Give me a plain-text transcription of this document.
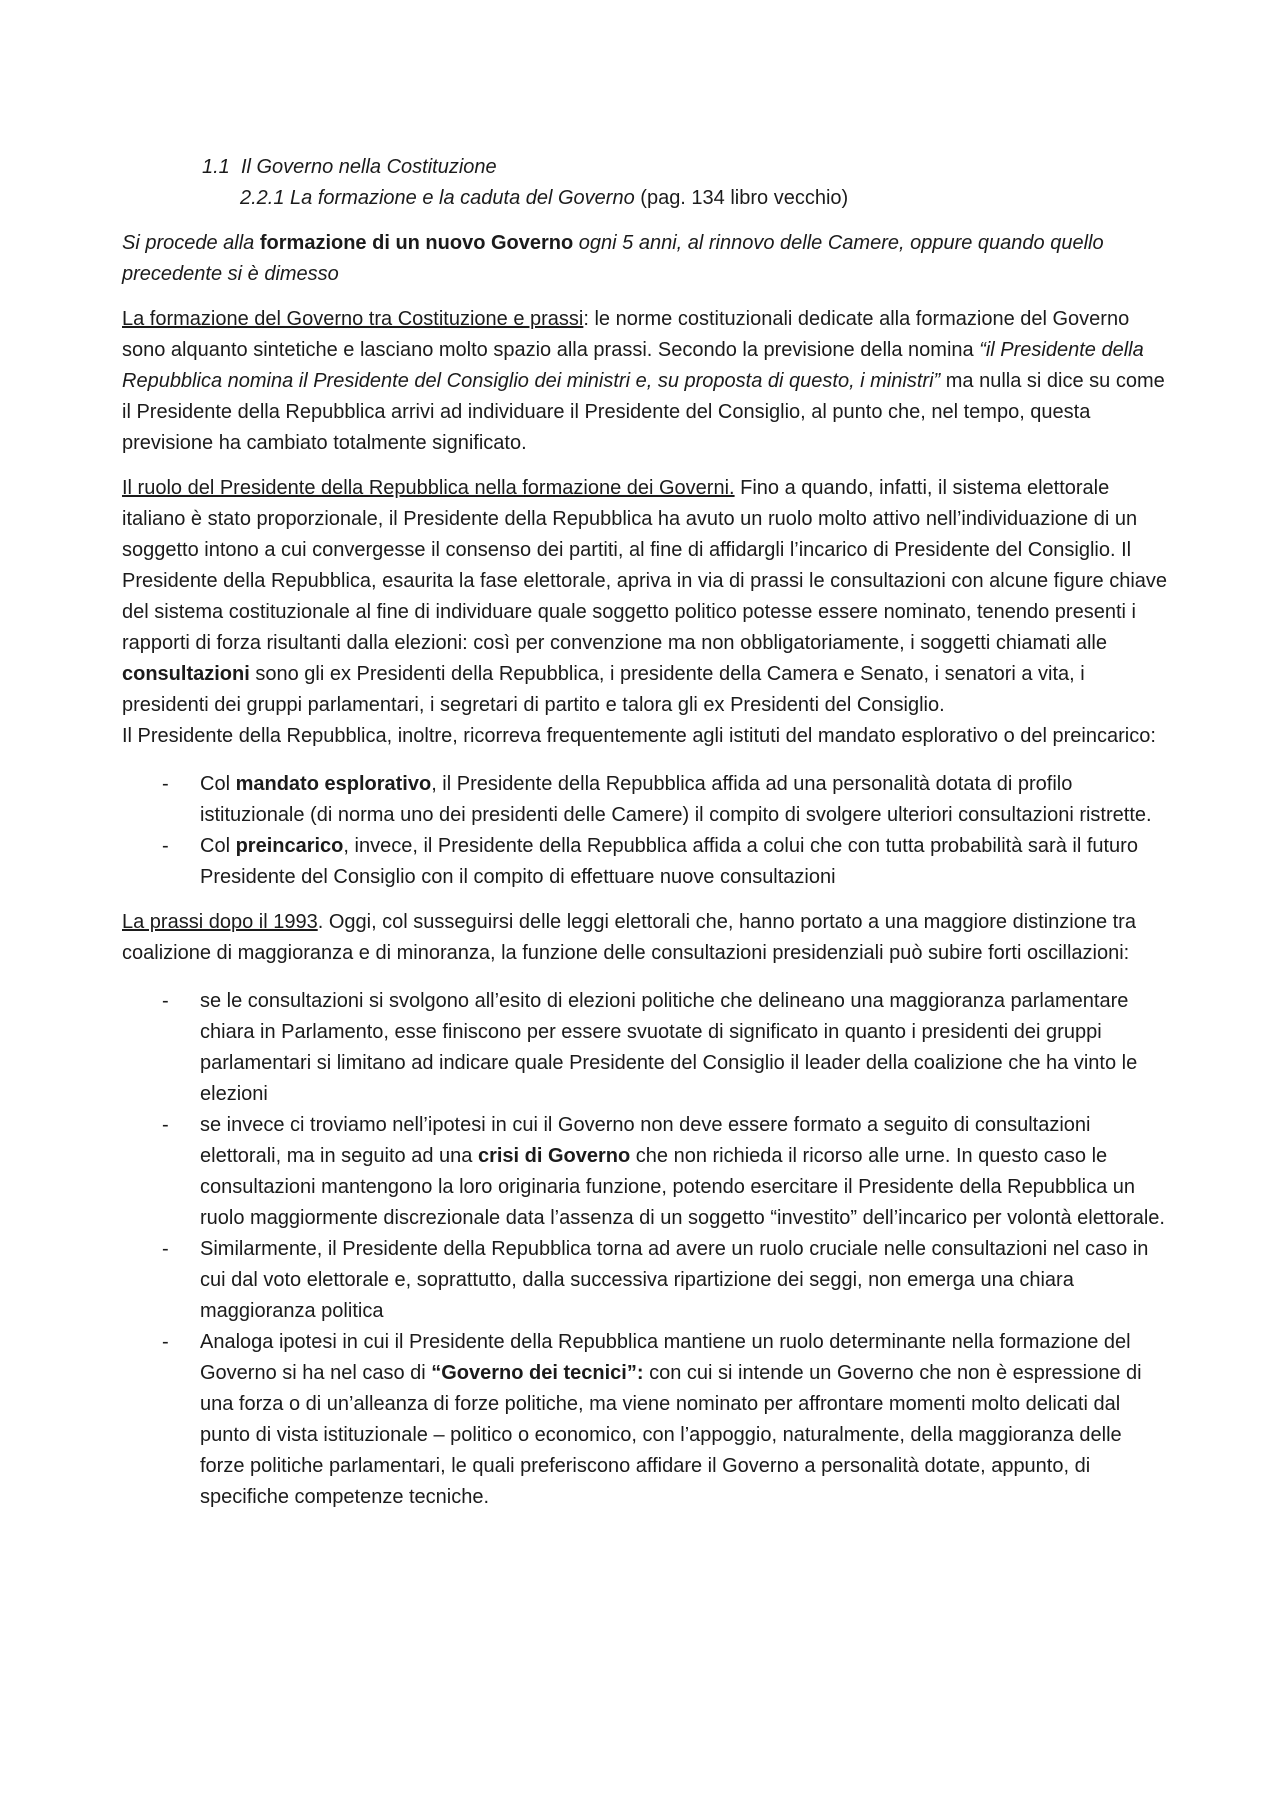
1.1 Il Governo nella Costituzione
2.2.1 La formazione e la caduta del Governo (pag. 134 libro vecchio)

Si procede alla formazione di un nuovo Governo ogni 5 anni, al rinnovo delle Camere, oppure quando quello precedente si è dimesso

La formazione del Governo tra Costituzione e prassi: le norme costituzionali dedicate alla formazione del Governo sono alquanto sintetiche e lasciano molto spazio alla prassi. Secondo la previsione della nomina “il Presidente della Repubblica nomina il Presidente del Consiglio dei ministri e, su proposta di questo, i ministri” ma nulla si dice su come il Presidente della Repubblica arrivi ad individuare il Presidente del Consiglio, al punto che, nel tempo, questa previsione ha cambiato totalmente significato.

Il ruolo del Presidente della Repubblica nella formazione dei Governi. Fino a quando, infatti, il sistema elettorale italiano è stato proporzionale, il Presidente della Repubblica ha avuto un ruolo molto attivo nell’individuazione di un soggetto intono a cui convergesse il consenso dei partiti, al fine di affidargli l’incarico di Presidente del Consiglio. Il Presidente della Repubblica, esaurita la fase elettorale, apriva in via di prassi le consultazioni con alcune figure chiave del sistema costituzionale al fine di individuare quale soggetto politico potesse essere nominato, tenendo presenti i rapporti di forza risultanti dalla elezioni: così per convenzione ma non obbligatoriamente, i soggetti chiamati alle consultazioni sono gli ex Presidenti della Repubblica, i presidente della Camera e Senato, i senatori a vita, i presidenti dei gruppi parlamentari, i segretari di partito e talora gli ex Presidenti del Consiglio.

Il Presidente della Repubblica, inoltre, ricorreva frequentemente agli istituti del mandato esplorativo o del preincarico:

- Col mandato esplorativo, il Presidente della Repubblica affida ad una personalità dotata di profilo istituzionale (di norma uno dei presidenti delle Camere) il compito di svolgere ulteriori consultazioni ristrette.
- Col preincarico, invece, il Presidente della Repubblica affida a colui che con tutta probabilità sarà il futuro Presidente del Consiglio con il compito di effettuare nuove consultazioni

La prassi dopo il 1993. Oggi, col susseguirsi delle leggi elettorali che, hanno portato a una maggiore distinzione tra coalizione di maggioranza e di minoranza, la funzione delle consultazioni presidenziali può subire forti oscillazioni:

- se le consultazioni si svolgono all’esito di elezioni politiche che delineano una maggioranza parlamentare chiara in Parlamento, esse finiscono per essere svuotate di significato in quanto i presidenti dei gruppi parlamentari si limitano ad indicare quale Presidente del Consiglio il leader della coalizione che ha vinto le elezioni
- se invece ci troviamo nell’ipotesi in cui il Governo non deve essere formato a seguito di consultazioni elettorali, ma in seguito ad una crisi di Governo che non richieda il ricorso alle urne. In questo caso le consultazioni mantengono la loro originaria funzione, potendo esercitare il Presidente della Repubblica un ruolo maggiormente discrezionale data l’assenza di un soggetto “investito” dell’incarico per volontà elettorale.
- Similarmente, il Presidente della Repubblica torna ad avere un ruolo cruciale nelle consultazioni nel caso in cui dal voto elettorale e, soprattutto, dalla successiva ripartizione dei seggi, non emerga una chiara maggioranza politica
- Analoga ipotesi in cui il Presidente della Repubblica mantiene un ruolo determinante nella formazione del Governo si ha nel caso di “Governo dei tecnici”: con cui si intende un Governo che non è espressione di una forza o di un’alleanza di forze politiche, ma viene nominato per affrontare momenti molto delicati dal punto di vista istituzionale – politico o economico, con l’appoggio, naturalmente, della maggioranza delle forze politiche parlamentari, le quali preferiscono affidare il Governo a personalità dotate, appunto, di specifiche competenze tecniche.
